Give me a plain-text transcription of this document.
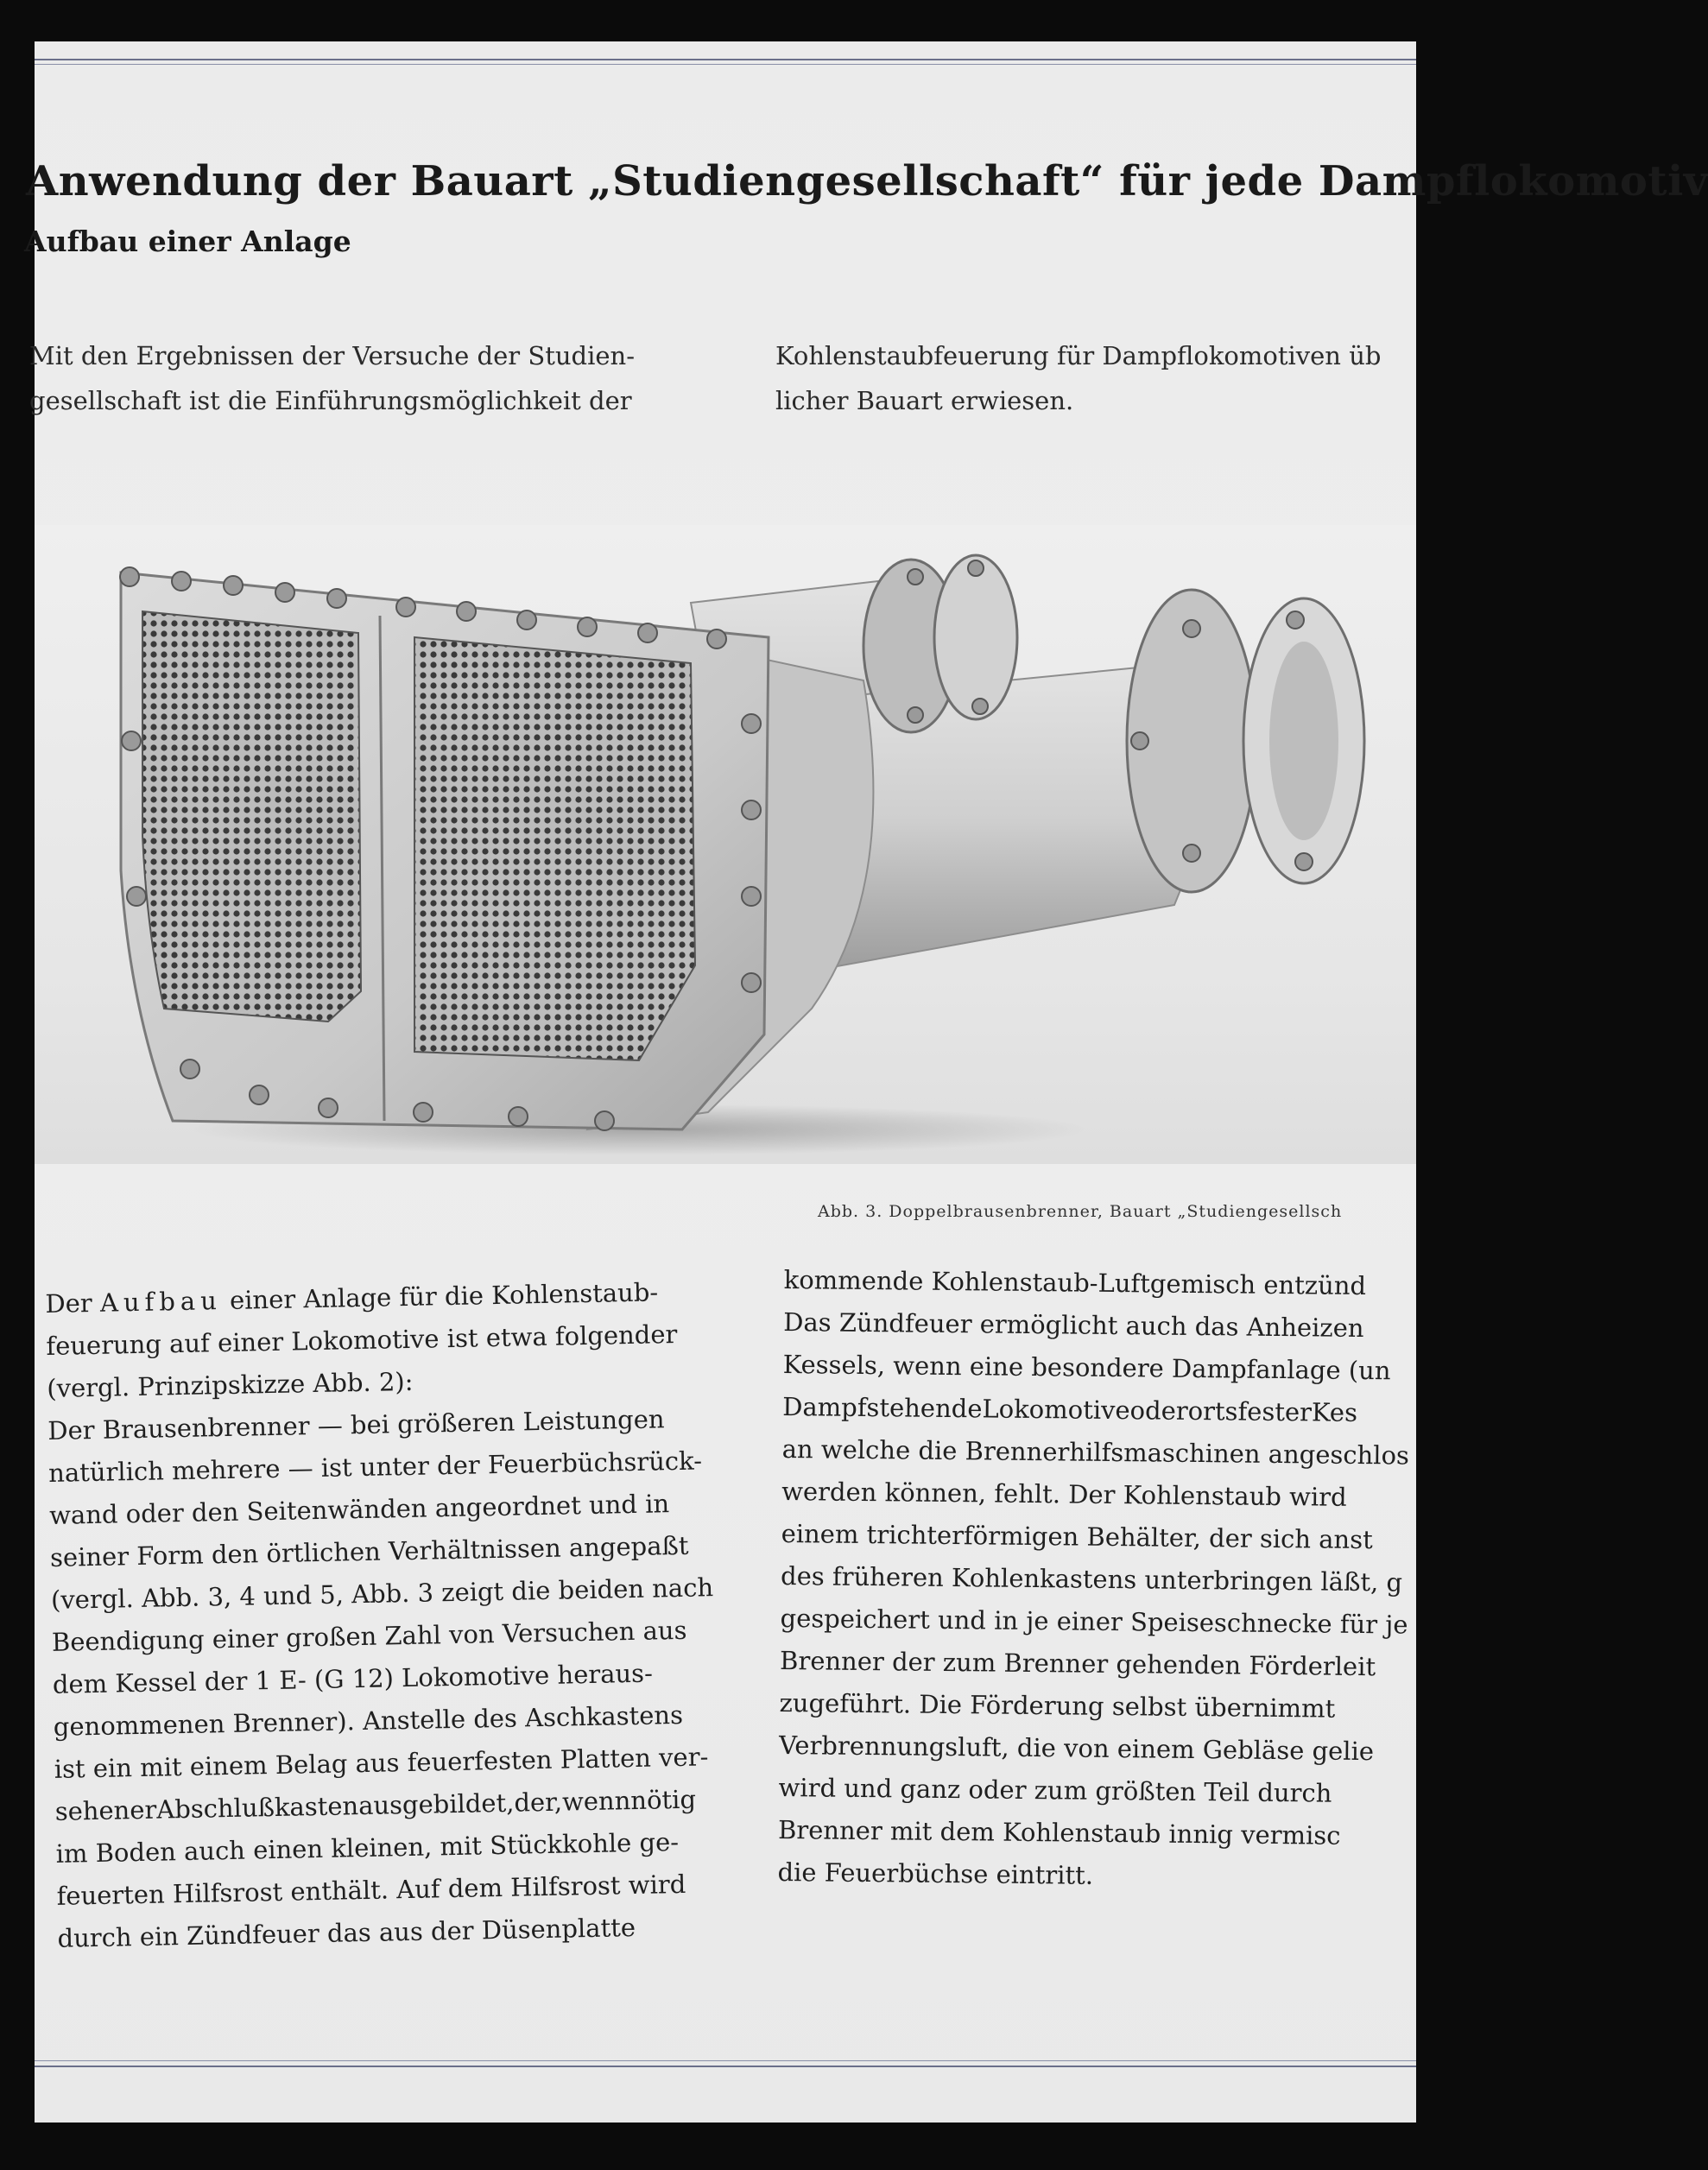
Anwendung der Bauart „Studiengesellschaft“ für jede Dampflokomotiv
Aufbau einer Anlage
Mit den Ergebnissen der Versuche der Studien-
gesellschaft ist die Einführungsmöglichkeit der
Kohlenstaubfeuerung für Dampflokomotiven üb
licher Bauart erwiesen.
Abb. 3. Doppelbrausenbrenner, Bauart „Studiengesellsch
Der Aufbau einer Anlage für die Kohlenstaub-
feuerung auf einer Lokomotive ist etwa folgender
(vergl. Prinzipskizze Abb. 2):
Der Brausenbrenner — bei größeren Leistungen
natürlich mehrere — ist unter der Feuerbüchsrück-
wand oder den Seitenwänden angeordnet und in
seiner Form den örtlichen Verhältnissen angepaßt
(vergl. Abb. 3, 4 und 5, Abb. 3 zeigt die beiden nach
Beendigung einer großen Zahl von Versuchen aus
dem Kessel der 1 E- (G 12) Lokomotive heraus-
genommenen Brenner). Anstelle des Aschkastens
ist ein mit einem Belag aus feuerfesten Platten ver-
sehenerAbschlußkastenausgebildet,der,wennnötig
im Boden auch einen kleinen, mit Stückkohle ge-
feuerten Hilfsrost enthält. Auf dem Hilfsrost wird
durch ein Zündfeuer das aus der Düsenplatte
kommende Kohlenstaub-Luftgemisch entzünd
Das Zündfeuer ermöglicht auch das Anheizen
Kessels, wenn eine besondere Dampfanlage (un
DampfstehendeLokomotiveoderortsfesterKes
an welche die Brennerhilfsmaschinen angeschlos
werden können, fehlt. Der Kohlenstaub wird
einem trichterförmigen Behälter, der sich anst
des früheren Kohlenkastens unterbringen läßt, g
gespeichert und in je einer Speiseschnecke für je
Brenner der zum Brenner gehenden Förderleit
zugeführt. Die Förderung selbst übernimmt
Verbrennungsluft, die von einem Gebläse gelie
wird und ganz oder zum größten Teil durch
Brenner mit dem Kohlenstaub innig vermisc
die Feuerbüchse eintritt.
